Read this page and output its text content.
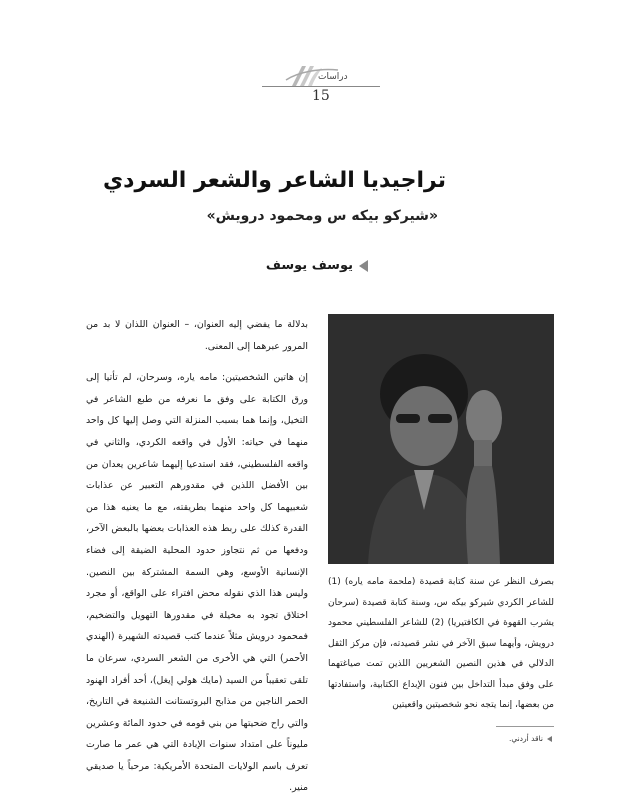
دراسات
15
تراجيديا الشاعر والشعر السردي
«شيركو بيكه س ومحمود درويش»
يوسف يوسف

بدلالة ما يفضي إليه العنوان، – العنوان اللذان لا بد من المرور عبرهما إلى المعنى.

إن هاتين الشخصيتين: مامه ياره، وسرحان، لم تأتيا إلى ورق الكتابة على وفق ما نعرفه من طبع الشاعر في التخيل، وإنما هما بسبب المنزلة التي وصل إليها كل واحد منهما في حياته: الأول في واقعه الكردي، والثاني في واقعه الفلسطيني، فقد استدعيا إليهما شاعرين يعدان من بين الأفضل اللذين في مقدورهم التعبير عن عذابات شعبيهما كل واحد منهما بطريقته، مع ما يعنيه هذا من القدرة كذلك على ربط هذه العذابات بعضها بالبعض الآخر، ودفعها من ثم نتجاوز حدود المحلية الضيقة إلى فضاء الإنسانية الأوسع، وهي السمة المشتركة بين النصين. وليس هذا الذي نقوله محض افتراء على الواقع، أو مجرد اختلاق تجود به مخيلة في مقدورها التهويل والتضخيم، فمحمود درويش مثلاً عندما كتب قصيدته الشهيرة (الهندي الأحمر) التي هي الأخرى من الشعر السردي، سرعان ما تلقى تعقيباً من السيد (مايك هولي إيغل)، أحد أفراد الهنود الحمر الناجين من مذابح البروتستانت الشنيعة في التاريخ، والتي راح ضحيتها من بني قومه في حدود المائة وعشرين مليوناً على امتداد سنوات الإبادة التي هي عمر ما صارت تعرف باسم الولايات المتحدة الأمريكية: مرحباً يا صديقي منير.

بصرف النظر عن سنة كتابة قصيدة (ملحمة مامه ياره) (1) للشاعر الكردي شيركو بيكه س، وسنة كتابة قصيدة (سرحان يشرب القهوة في الكافتيريا) (2) للشاعر الفلسطيني محمود درويش، وأيهما سبق الآخر في نشر قصيدته، فإن مركز الثقل الدلالي في هذين النصين الشعريين اللذين تمت صياغتهما على وفق مبدأ التداخل بين فنون الإبداع الكتابية، واستفادتها من بعضها، إنما يتجه نحو شخصيتين واقعيتين
ناقد أردني.
